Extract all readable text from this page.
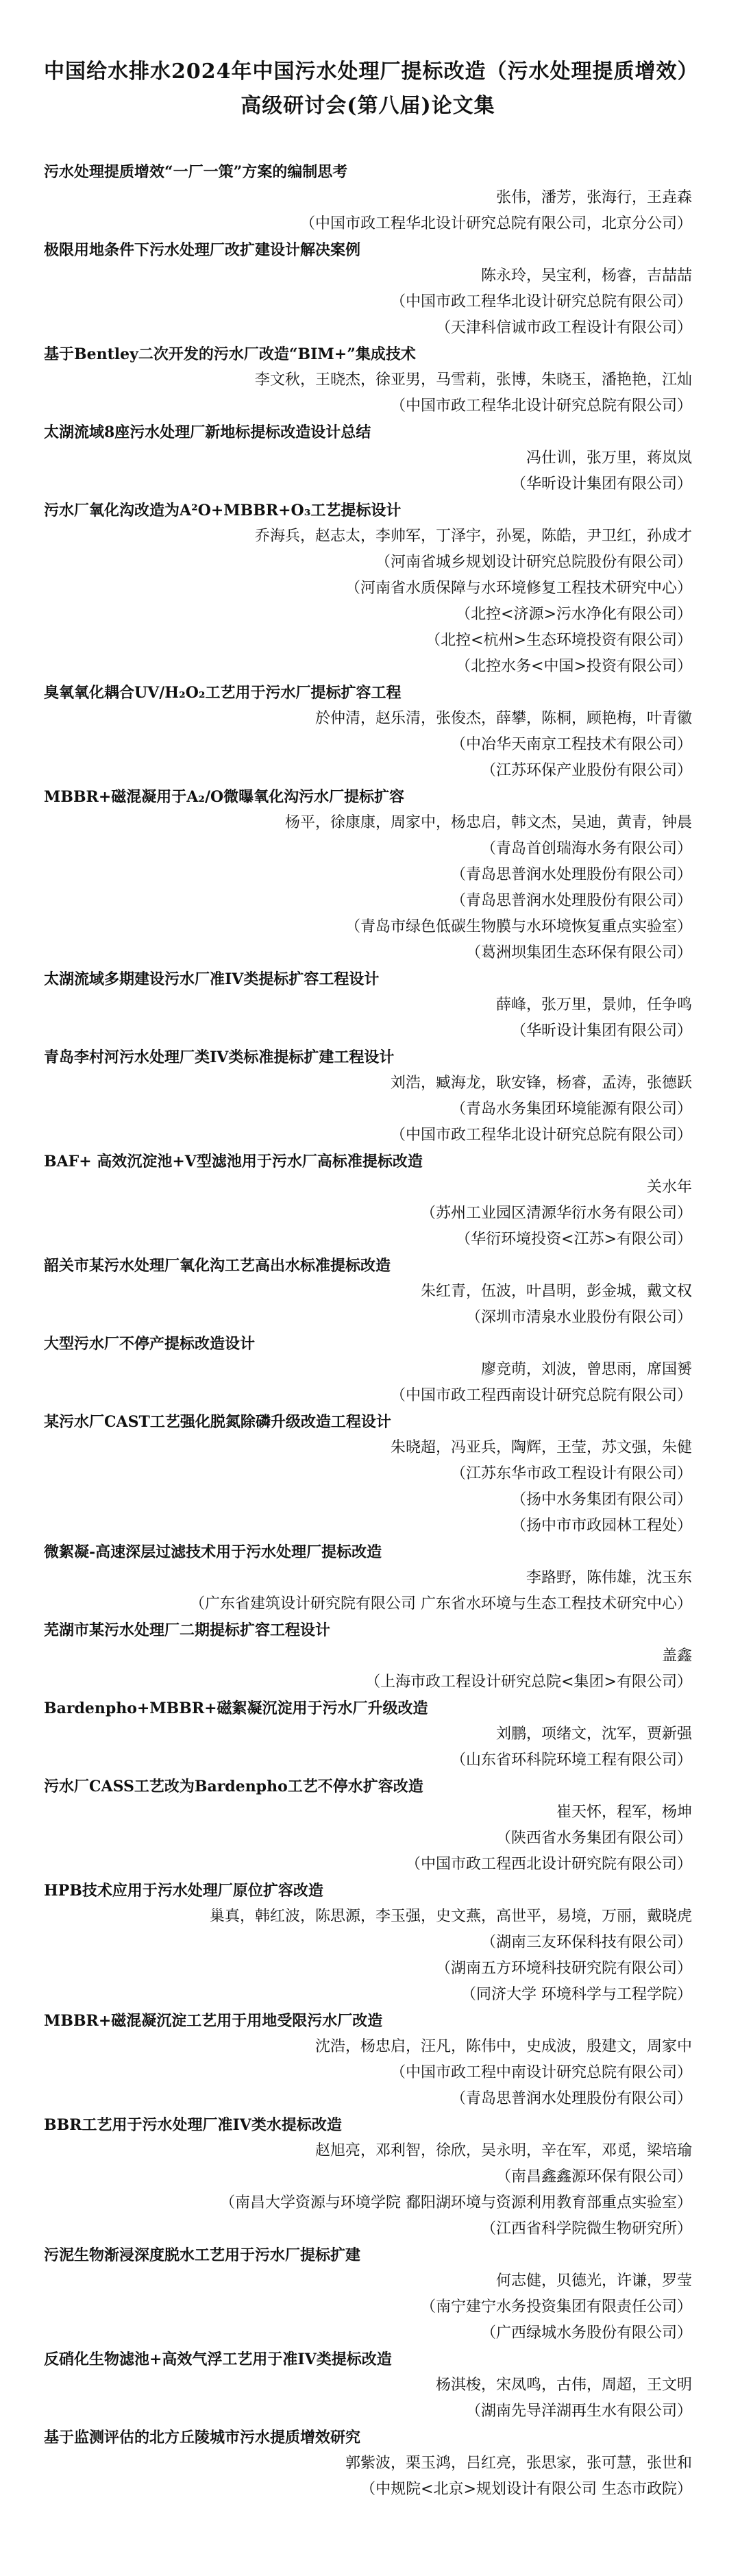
中国给水排水2024年中国污水处理厂提标改造（污水处理提质增效）
高级研讨会(第八届)论文集
污水处理提质增效“一厂一策”方案的编制思考
张伟，潘芳，张海行，王垚森
（中国市政工程华北设计研究总院有限公司，北京分公司）
极限用地条件下污水处理厂改扩建设计解决案例
陈永玲，吴宝利，杨睿，吉喆喆
（中国市政工程华北设计研究总院有限公司）
（天津科信诚市政工程设计有限公司）
基于Bentley二次开发的污水厂改造“BIM+”集成技术
李文秋，王晓杰，徐亚男，马雪莉，张博，朱晓玉，潘艳艳，江灿
（中国市政工程华北设计研究总院有限公司）
太湖流域8座污水处理厂新地标提标改造设计总结
冯仕训，张万里，蒋岚岚
（华昕设计集团有限公司）
污水厂氧化沟改造为A²O+MBBR+O₃工艺提标设计
乔海兵，赵志太，李帅军，丁泽宇，孙冕，陈皓，尹卫红，孙成才
（河南省城乡规划设计研究总院股份有限公司）
（河南省水质保障与水环境修复工程技术研究中心）
（北控<济源>污水净化有限公司）
（北控<杭州>生态环境投资有限公司）
（北控水务<中国>投资有限公司）
臭氧氧化耦合UV/H₂O₂工艺用于污水厂提标扩容工程
於仲清，赵乐清，张俊杰，薛攀，陈桐，顾艳梅，叶青徽
（中冶华天南京工程技术有限公司）
（江苏环保产业股份有限公司）
MBBR+磁混凝用于A₂/O微曝氧化沟污水厂提标扩容
杨平，徐康康，周家中，杨忠启，韩文杰，吴迪，黄青，钟晨
（青岛首创瑞海水务有限公司）
（青岛思普润水处理股份有限公司）
（青岛思普润水处理股份有限公司）
（青岛市绿色低碳生物膜与水环境恢复重点实验室）
（葛洲坝集团生态环保有限公司）
太湖流域多期建设污水厂准IV类提标扩容工程设计
薛峰，张万里，景帅，任争鸣
（华昕设计集团有限公司）
青岛李村河污水处理厂类IV类标准提标扩建工程设计
刘浩，臧海龙，耿安锋，杨睿，孟涛，张德跃
（青岛水务集团环境能源有限公司）
（中国市政工程华北设计研究总院有限公司）
BAF+ 高效沉淀池+V型滤池用于污水厂高标准提标改造
关水年
（苏州工业园区清源华衍水务有限公司）
（华衍环境投资<江苏>有限公司）
韶关市某污水处理厂氧化沟工艺高出水标准提标改造
朱红青，伍波，叶昌明，彭金城，戴文权
（深圳市清泉水业股份有限公司）
大型污水厂不停产提标改造设计
廖竞萌，刘波，曾思雨，席国赟
（中国市政工程西南设计研究总院有限公司）
某污水厂CAST工艺强化脱氮除磷升级改造工程设计
朱晓超，冯亚兵，陶辉，王莹，苏文强，朱健
（江苏东华市政工程设计有限公司）
（扬中水务集团有限公司）
（扬中市市政园林工程处）
微絮凝-高速深层过滤技术用于污水处理厂提标改造
李路野，陈伟雄，沈玉东
（广东省建筑设计研究院有限公司 广东省水环境与生态工程技术研究中心）
芜湖市某污水处理厂二期提标扩容工程设计
盖鑫
（上海市政工程设计研究总院<集团>有限公司）
Bardenpho+MBBR+磁絮凝沉淀用于污水厂升级改造
刘鹏，项绪文，沈军，贾新强
（山东省环科院环境工程有限公司）
污水厂CASS工艺改为Bardenpho工艺不停水扩容改造
崔天怀，程军，杨坤
（陕西省水务集团有限公司）
（中国市政工程西北设计研究院有限公司）
HPB技术应用于污水处理厂原位扩容改造
巢真，韩红波，陈思源，李玉强，史文燕，高世平，易境，万丽，戴晓虎
（湖南三友环保科技有限公司）
（湖南五方环境科技研究院有限公司）
（同济大学 环境科学与工程学院）
MBBR+磁混凝沉淀工艺用于用地受限污水厂改造
沈浩，杨忠启，汪凡，陈伟中，史成波，殷建文，周家中
（中国市政工程中南设计研究总院有限公司）
（青岛思普润水处理股份有限公司）
BBR工艺用于污水处理厂准IV类水提标改造
赵旭亮，邓利智，徐欣，吴永明，辛在军，邓觅，梁培瑜
（南昌鑫鑫源环保有限公司）
（南昌大学资源与环境学院 鄱阳湖环境与资源利用教育部重点实验室）
（江西省科学院微生物研究所）
污泥生物渐浸深度脱水工艺用于污水厂提标扩建
何志健，贝德光，许谦，罗莹
（南宁建宁水务投资集团有限责任公司）
（广西绿城水务股份有限公司）
反硝化生物滤池+高效气浮工艺用于准IV类提标改造
杨淇梭，宋凤鸣，古伟，周超，王文明
（湖南先导洋湖再生水有限公司）
基于监测评估的北方丘陵城市污水提质增效研究
郭紫波，栗玉鸿，吕红亮，张思家，张可慧，张世和
（中规院<北京>规划设计有限公司 生态市政院）
